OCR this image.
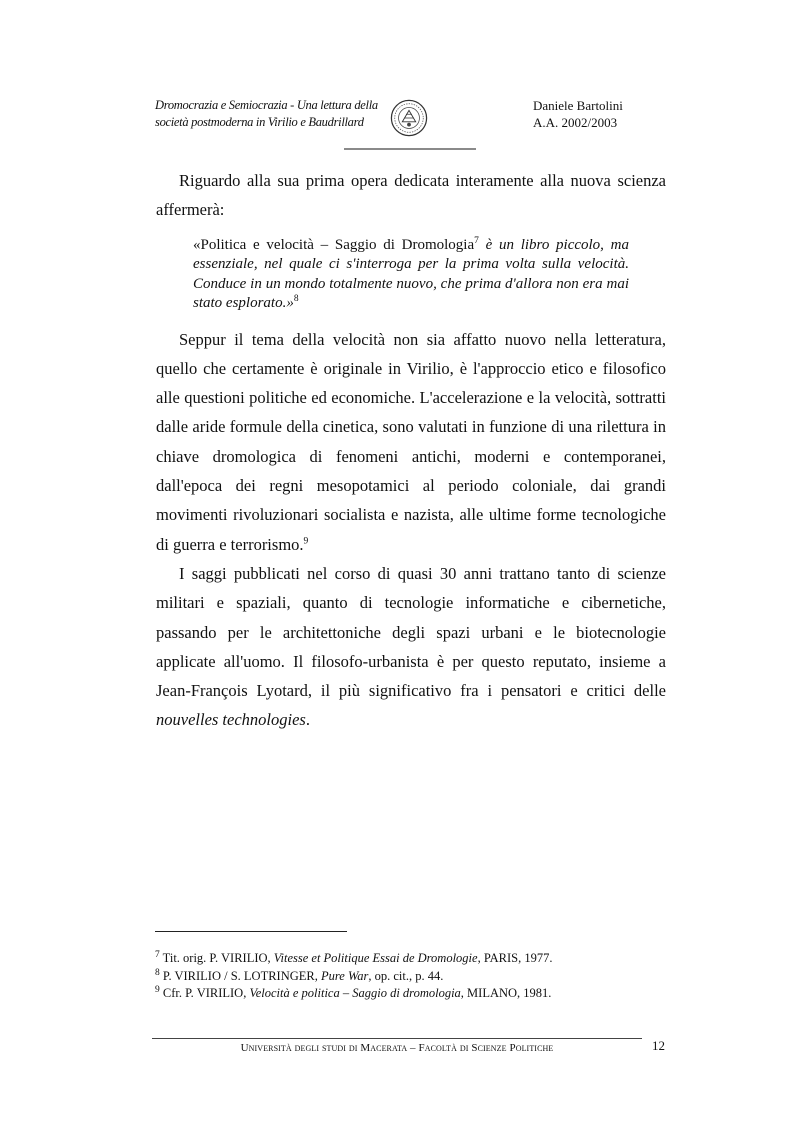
Dromocrazia e Semiocrazia - Una lettura della
società postmoderna in Virilio e Baudrillard
Daniele Bartolini
A.A. 2002/2003

Riguardo alla sua prima opera dedicata interamente alla nuova scienza affermerà:

«Politica e velocità – Saggio di Dromologia$^7$ è un libro piccolo, ma essenziale, nel quale ci s'interroga per la prima volta sulla velocità. Conduce in un mondo totalmente nuovo, che prima d'allora non era mai stato esplorato.»$^8$

Seppur il tema della velocità non sia affatto nuovo nella letteratura, quello che certamente è originale in Virilio, è l'approccio etico e filosofico alle questioni politiche ed economiche. L'accelerazione e la velocità, sottratti dalle aride formule della cinetica, sono valutati in funzione di una rilettura in chiave dromologica di fenomeni antichi, moderni e contemporanei, dall'epoca dei regni mesopotamici al periodo coloniale, dai grandi movimenti rivoluzionari socialista e nazista, alle ultime forme tecnologiche di guerra e terrorismo.$^9$

I saggi pubblicati nel corso di quasi 30 anni trattano tanto di scienze militari e spaziali, quanto di tecnologie informatiche e cibernetiche, passando per le architettoniche degli spazi urbani e le biotecnologie applicate all'uomo. Il filosofo-urbanista è per questo reputato, insieme a Jean-François Lyotard, il più significativo fra i pensatori e critici delle nouvelles technologies.

$^7$ Tit. orig. P. VIRILIO, Vitesse et Politique Essai de Dromologie, PARIS, 1977.
$^8$ P. VIRILIO / S. LOTRINGER, Pure War, op. cit., p. 44.
$^9$ Cfr. P. VIRILIO, Velocità e politica – Saggio di dromologia, MILANO, 1981.
Università degli studi di Macerata – Facoltà di Scienze Politiche	12
